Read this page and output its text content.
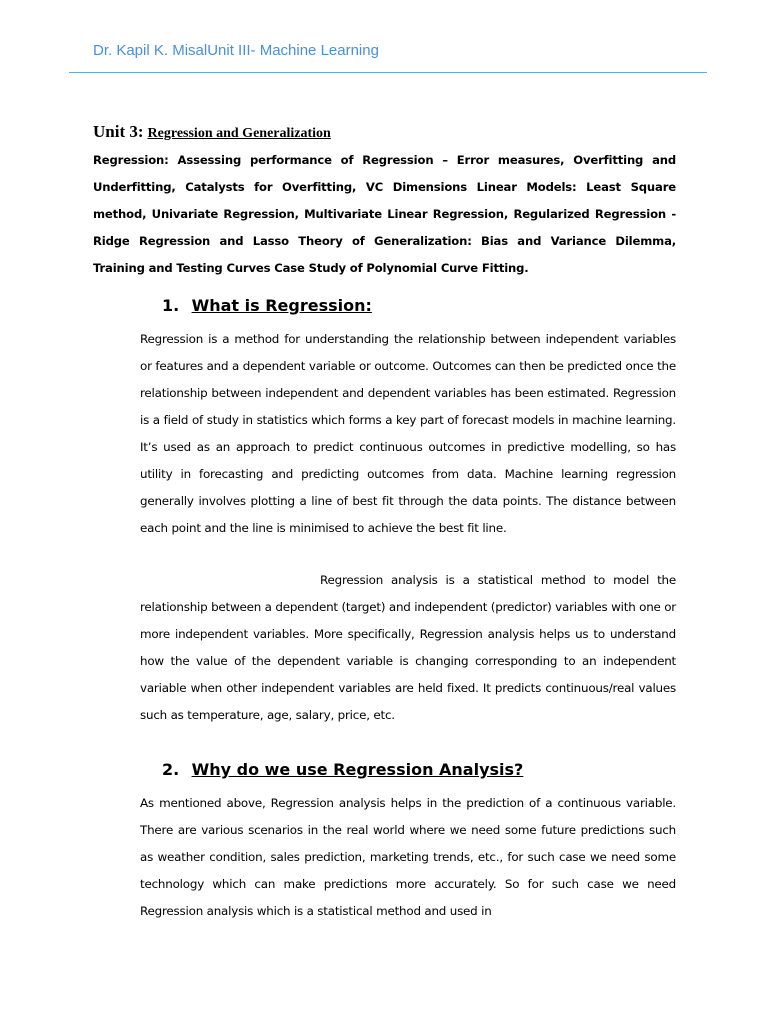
Dr. Kapil K. MisalUnit III- Machine Learning
Unit 3: Regression and Generalization

Regression: Assessing performance of Regression – Error measures, Overfitting and Underfitting, Catalysts for Overfitting, VC Dimensions Linear Models: Least Square method, Univariate Regression, Multivariate Linear Regression, Regularized Regression - Ridge Regression and Lasso Theory of Generalization: Bias and Variance Dilemma, Training and Testing Curves Case Study of Polynomial Curve Fitting.

1. What is Regression:

Regression is a method for understanding the relationship between independent variables or features and a dependent variable or outcome. Outcomes can then be predicted once the relationship between independent and dependent variables has been estimated. Regression is a field of study in statistics which forms a key part of forecast models in machine learning. It’s used as an approach to predict continuous outcomes in predictive modelling, so has utility in forecasting and predicting outcomes from data. Machine learning regression generally involves plotting a line of best fit through the data points. The distance between each point and the line is minimised to achieve the best fit line.

Regression analysis is a statistical method to model the relationship between a dependent (target) and independent (predictor) variables with one or more independent variables. More specifically, Regression analysis helps us to understand how the value of the dependent variable is changing corresponding to an independent variable when other independent variables are held fixed. It predicts continuous/real values such as temperature, age, salary, price, etc.

2. Why do we use Regression Analysis?

As mentioned above, Regression analysis helps in the prediction of a continuous variable. There are various scenarios in the real world where we need some future predictions such as weather condition, sales prediction, marketing trends, etc., for such case we need some technology which can make predictions more accurately. So for such case we need Regression analysis which is a statistical method and used in
